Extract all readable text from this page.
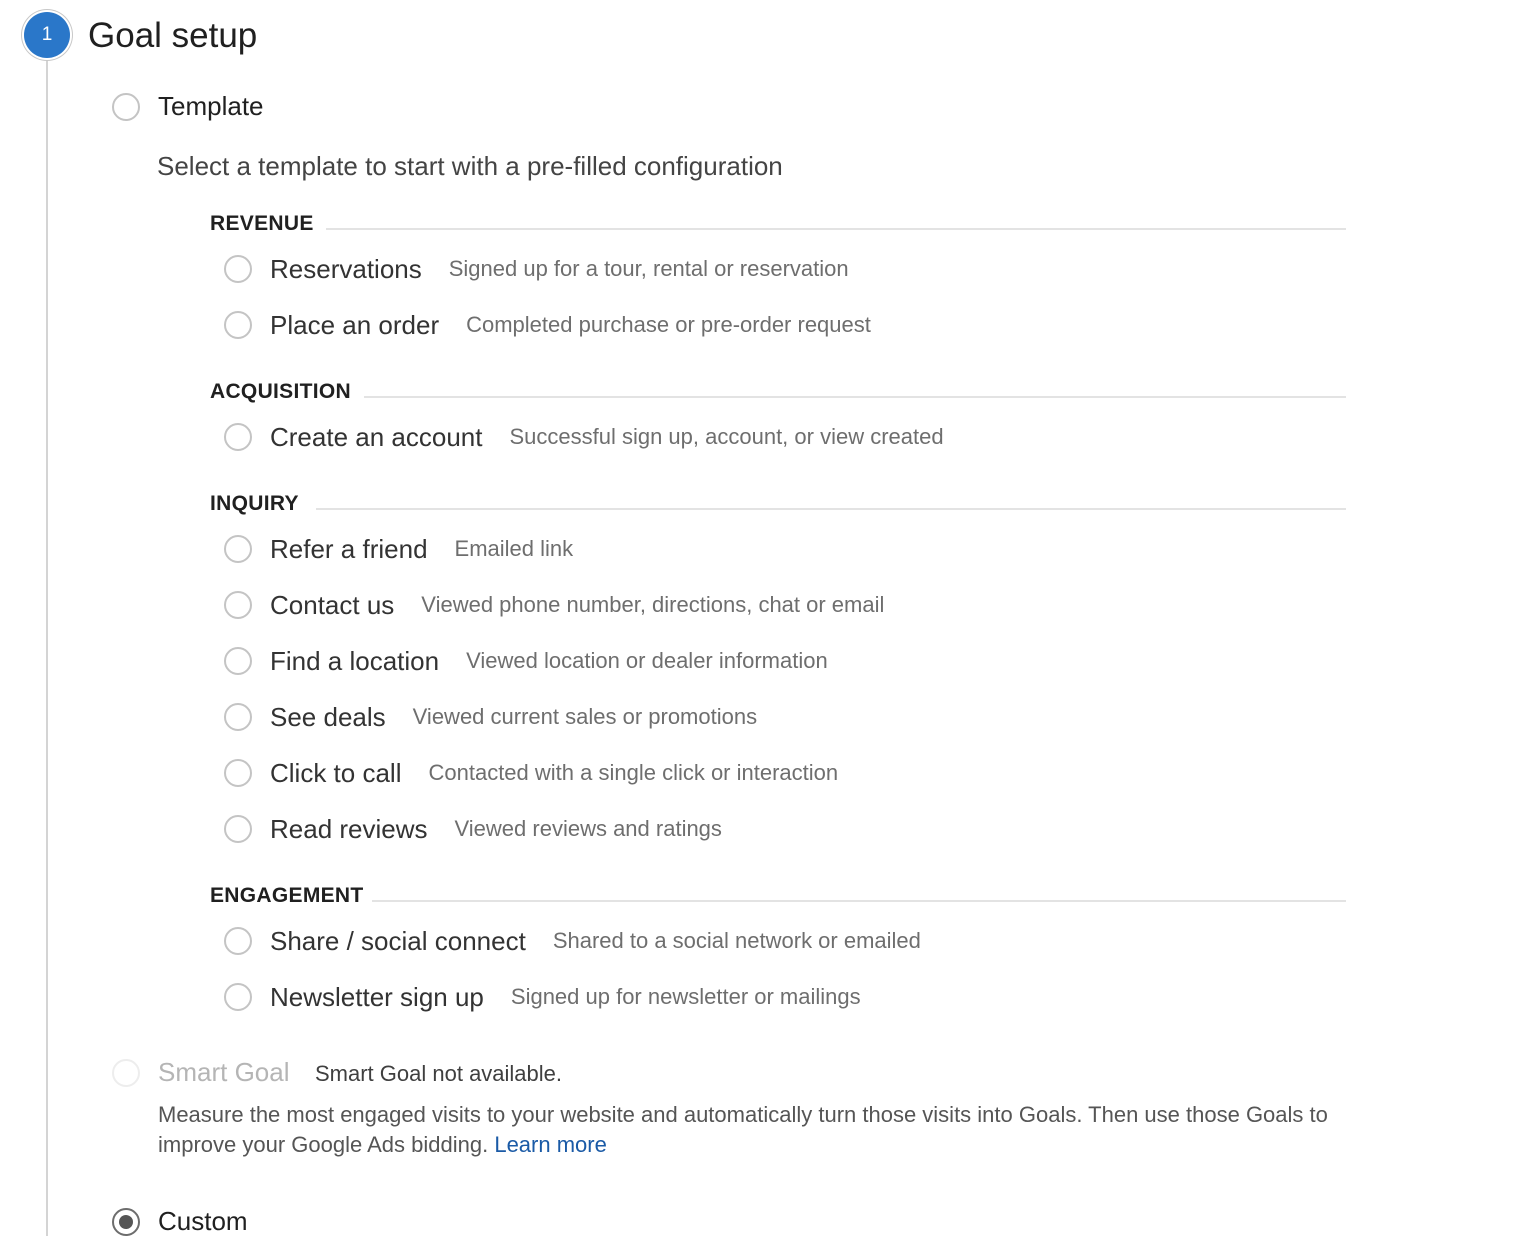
1	Goal setup
Template
Select a template to start with a pre-filled configuration
REVENUE
Reservations Signed up for a tour, rental or reservation
Place an order Completed purchase or pre-order request
ACQUISITION
Create an account Successful sign up, account, or view created
INQUIRY
Refer a friend Emailed link
Contact us Viewed phone number, directions, chat or email
Find a location Viewed location or dealer information
See deals Viewed current sales or promotions
Click to call Contacted with a single click or interaction
Read reviews Viewed reviews and ratings
ENGAGEMENT
Share / social connect Shared to a social network or emailed
Newsletter sign up Signed up for newsletter or mailings
Smart Goal Smart Goal not available.
Measure the most engaged visits to your website and automatically turn those visits into Goals. Then use those Goals to improve your Google Ads bidding. Learn more
Custom
